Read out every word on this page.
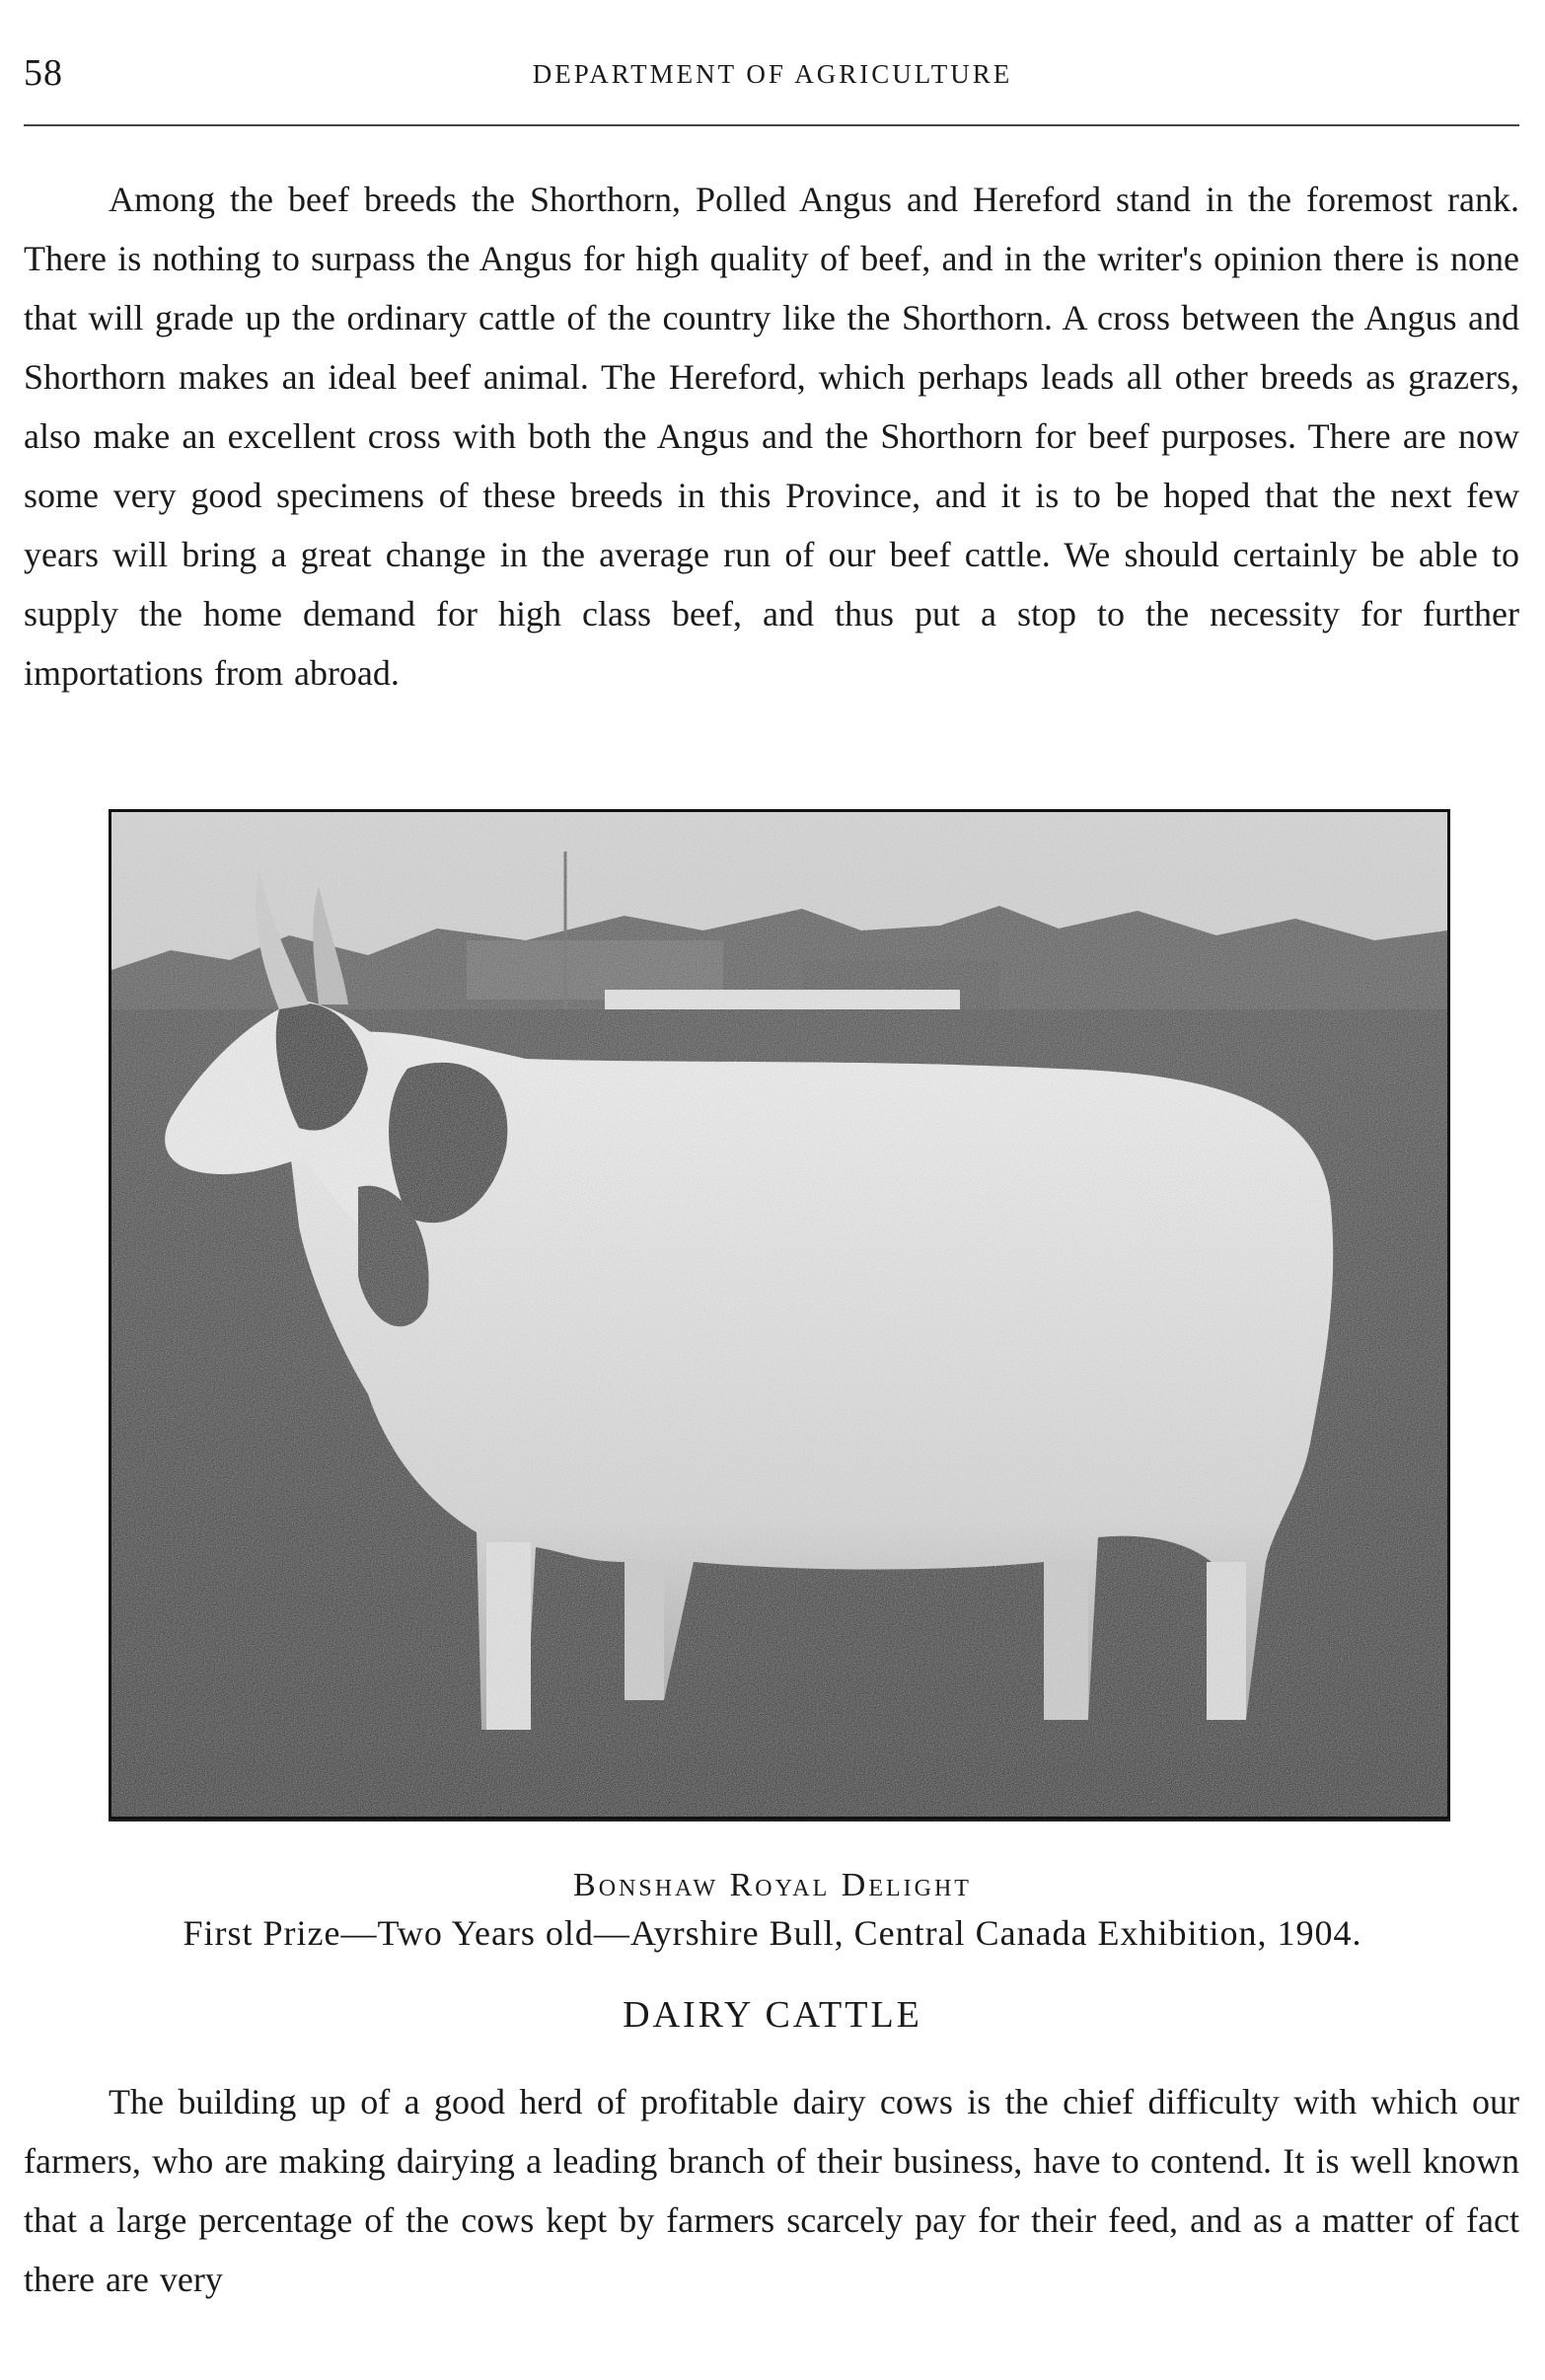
58	DEPARTMENT OF AGRICULTURE

Among the beef breeds the Shorthorn, Polled Angus and Hereford stand in the foremost rank. There is nothing to surpass the Angus for high quality of beef, and in the writer's opinion there is none that will grade up the ordinary cattle of the country like the Shorthorn. A cross between the Angus and Shorthorn makes an ideal beef animal. The Hereford, which perhaps leads all other breeds as grazers, also make an excellent cross with both the Angus and the Shorthorn for beef purposes. There are now some very good specimens of these breeds in this Province, and it is to be hoped that the next few years will bring a great change in the average run of our beef cattle. We should certainly be able to supply the home demand for high class beef, and thus put a stop to the necessity for further importations from abroad.

Bonshaw Royal Delight
First Prize—Two Years old—Ayrshire Bull, Central Canada Exhibition, 1904.
DAIRY CATTLE

The building up of a good herd of profitable dairy cows is the chief difficulty with which our farmers, who are making dairying a leading branch of their business, have to contend. It is well known that a large percentage of the cows kept by farmers scarcely pay for their feed, and as a matter of fact there are very
